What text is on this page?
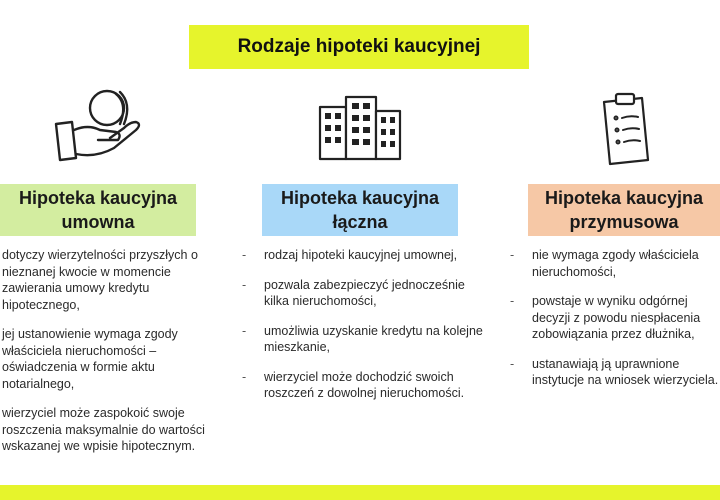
Rodzaje hipoteki kaucyjnej
Hipoteka kaucyjna
umowna
- dotyczy wierzytelności przyszłych o nieznanej kwocie w momencie zawierania umowy kredytu hipotecznego,
- jej ustanowienie wymaga zgody właściciela nieruchomości – oświadczenia w formie aktu notarialnego,
- wierzyciel może zaspokoić swoje roszczenia maksymalnie do wartości wskazanej we wpisie hipotecznym.
Hipoteka kaucyjna
łączna
- rodzaj hipoteki kaucyjnej umownej,
- pozwala zabezpieczyć jednocześnie kilka nieruchomości,
- umożliwia uzyskanie kredytu na kolejne mieszkanie,
- wierzyciel może dochodzić swoich roszczeń z dowolnej nieruchomości.
Hipoteka kaucyjna
przymusowa
- nie wymaga zgody właściciela nieruchomości,
- powstaje w wyniku odgórnej decyzji z powodu niespłacenia zobowiązania przez dłużnika,
- ustanawiają ją uprawnione instytucje na wniosek wierzyciela.
